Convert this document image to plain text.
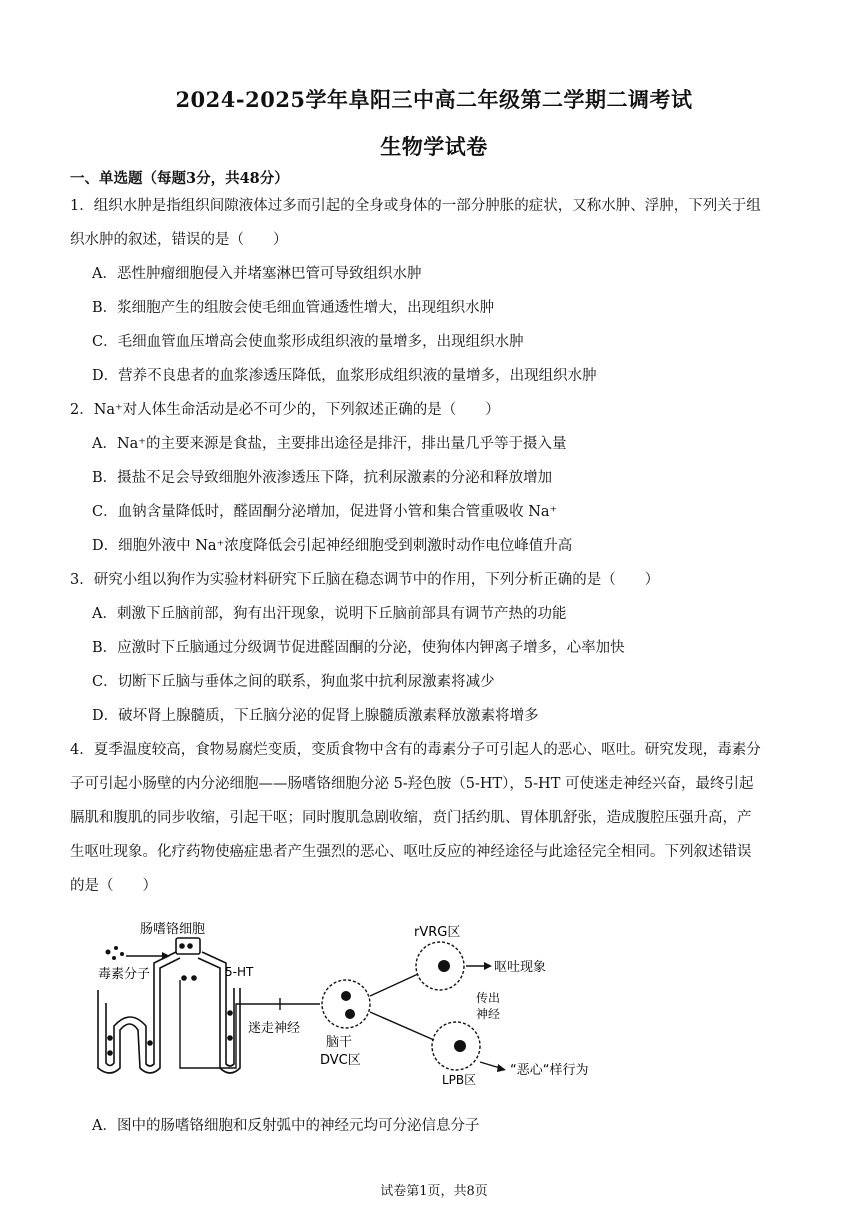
2024-2025学年阜阳三中高二年级第二学期二调考试
生物学试卷
一、单选题（每题3分，共48分）
1．组织水肿是指组织间隙液体过多而引起的全身或身体的一部分肿胀的症状，又称水肿、浮肿，下列关于组
织水肿的叙述，错误的是（　　）
A．恶性肿瘤细胞侵入并堵塞淋巴管可导致组织水肿
B．浆细胞产生的组胺会使毛细血管通透性增大，出现组织水肿
C．毛细血管血压增高会使血浆形成组织液的量增多，出现组织水肿
D．营养不良患者的血浆渗透压降低，血浆形成组织液的量增多，出现组织水肿
2．Na⁺对人体生命活动是必不可少的，下列叙述正确的是（　　）
A．Na⁺的主要来源是食盐，主要排出途径是排汗，排出量几乎等于摄入量
B．摄盐不足会导致细胞外液渗透压下降，抗利尿激素的分泌和释放增加
C．血钠含量降低时，醛固酮分泌增加，促进肾小管和集合管重吸收 Na⁺
D．细胞外液中 Na⁺浓度降低会引起神经细胞受到刺激时动作电位峰值升高
3．研究小组以狗作为实验材料研究下丘脑在稳态调节中的作用，下列分析正确的是（　　）
A．刺激下丘脑前部，狗有出汗现象，说明下丘脑前部具有调节产热的功能
B．应激时下丘脑通过分级调节促进醛固酮的分泌，使狗体内钾离子增多，心率加快
C．切断下丘脑与垂体之间的联系，狗血浆中抗利尿激素将减少
D．破坏肾上腺髓质，下丘脑分泌的促肾上腺髓质激素释放激素将增多
4．夏季温度较高，食物易腐烂变质，变质食物中含有的毒素分子可引起人的恶心、呕吐。研究发现，毒素分
子可引起小肠壁的内分泌细胞——肠嗜铬细胞分泌 5-羟色胺（5-HT），5-HT 可使迷走神经兴奋，最终引起
膈肌和腹肌的同步收缩，引起干呕；同时腹肌急剧收缩，贲门括约肌、胃体肌舒张，造成腹腔压强升高，产
生呕吐现象。化疗药物使癌症患者产生强烈的恶心、呕吐反应的神经途径与此途径完全相同。下列叙述错误
的是（　　）
毒素分子
肠嗜铬细胞
5-HT
迷走神经
脑干
DVC区
rVRG区
呕吐现象
传出
神经
LPB区
“恶心“样行为
A．图中的肠嗜铬细胞和反射弧中的神经元均可分泌信息分子
试卷第1页，共8页
